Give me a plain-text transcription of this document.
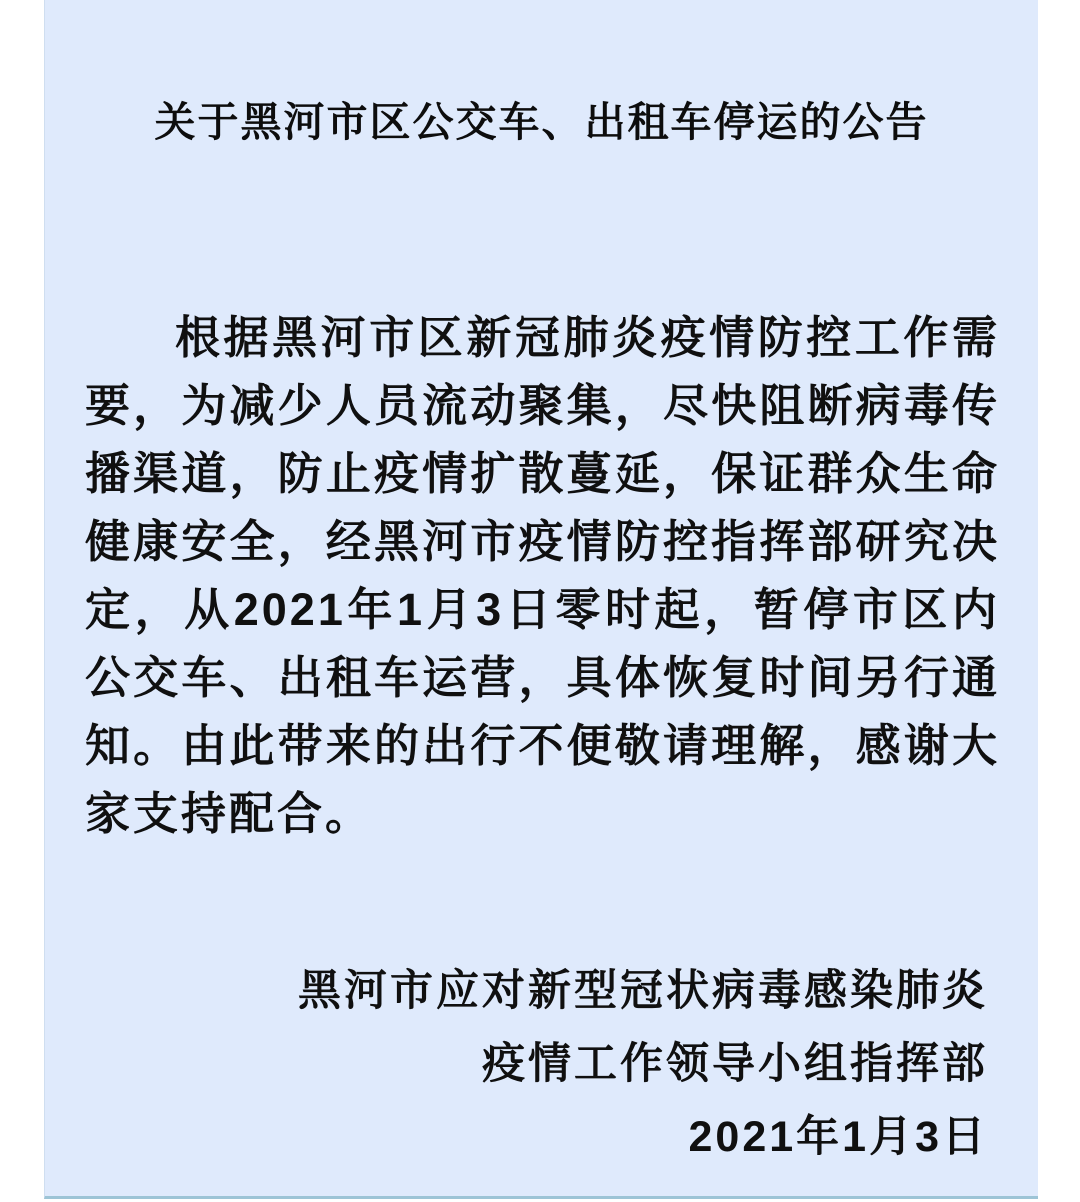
关于黑河市区公交车、出租车停运的公告

根据黑河市区新冠肺炎疫情防控工作需要，为减少人员流动聚集，尽快阻断病毒传播渠道，防止疫情扩散蔓延，保证群众生命健康安全，经黑河市疫情防控指挥部研究决定，从2021年1月3日零时起，暂停市区内公交车、出租车运营，具体恢复时间另行通知。由此带来的出行不便敬请理解，感谢大家支持配合。

黑河市应对新型冠状病毒感染肺炎
疫情工作领导小组指挥部
2021年1月3日
